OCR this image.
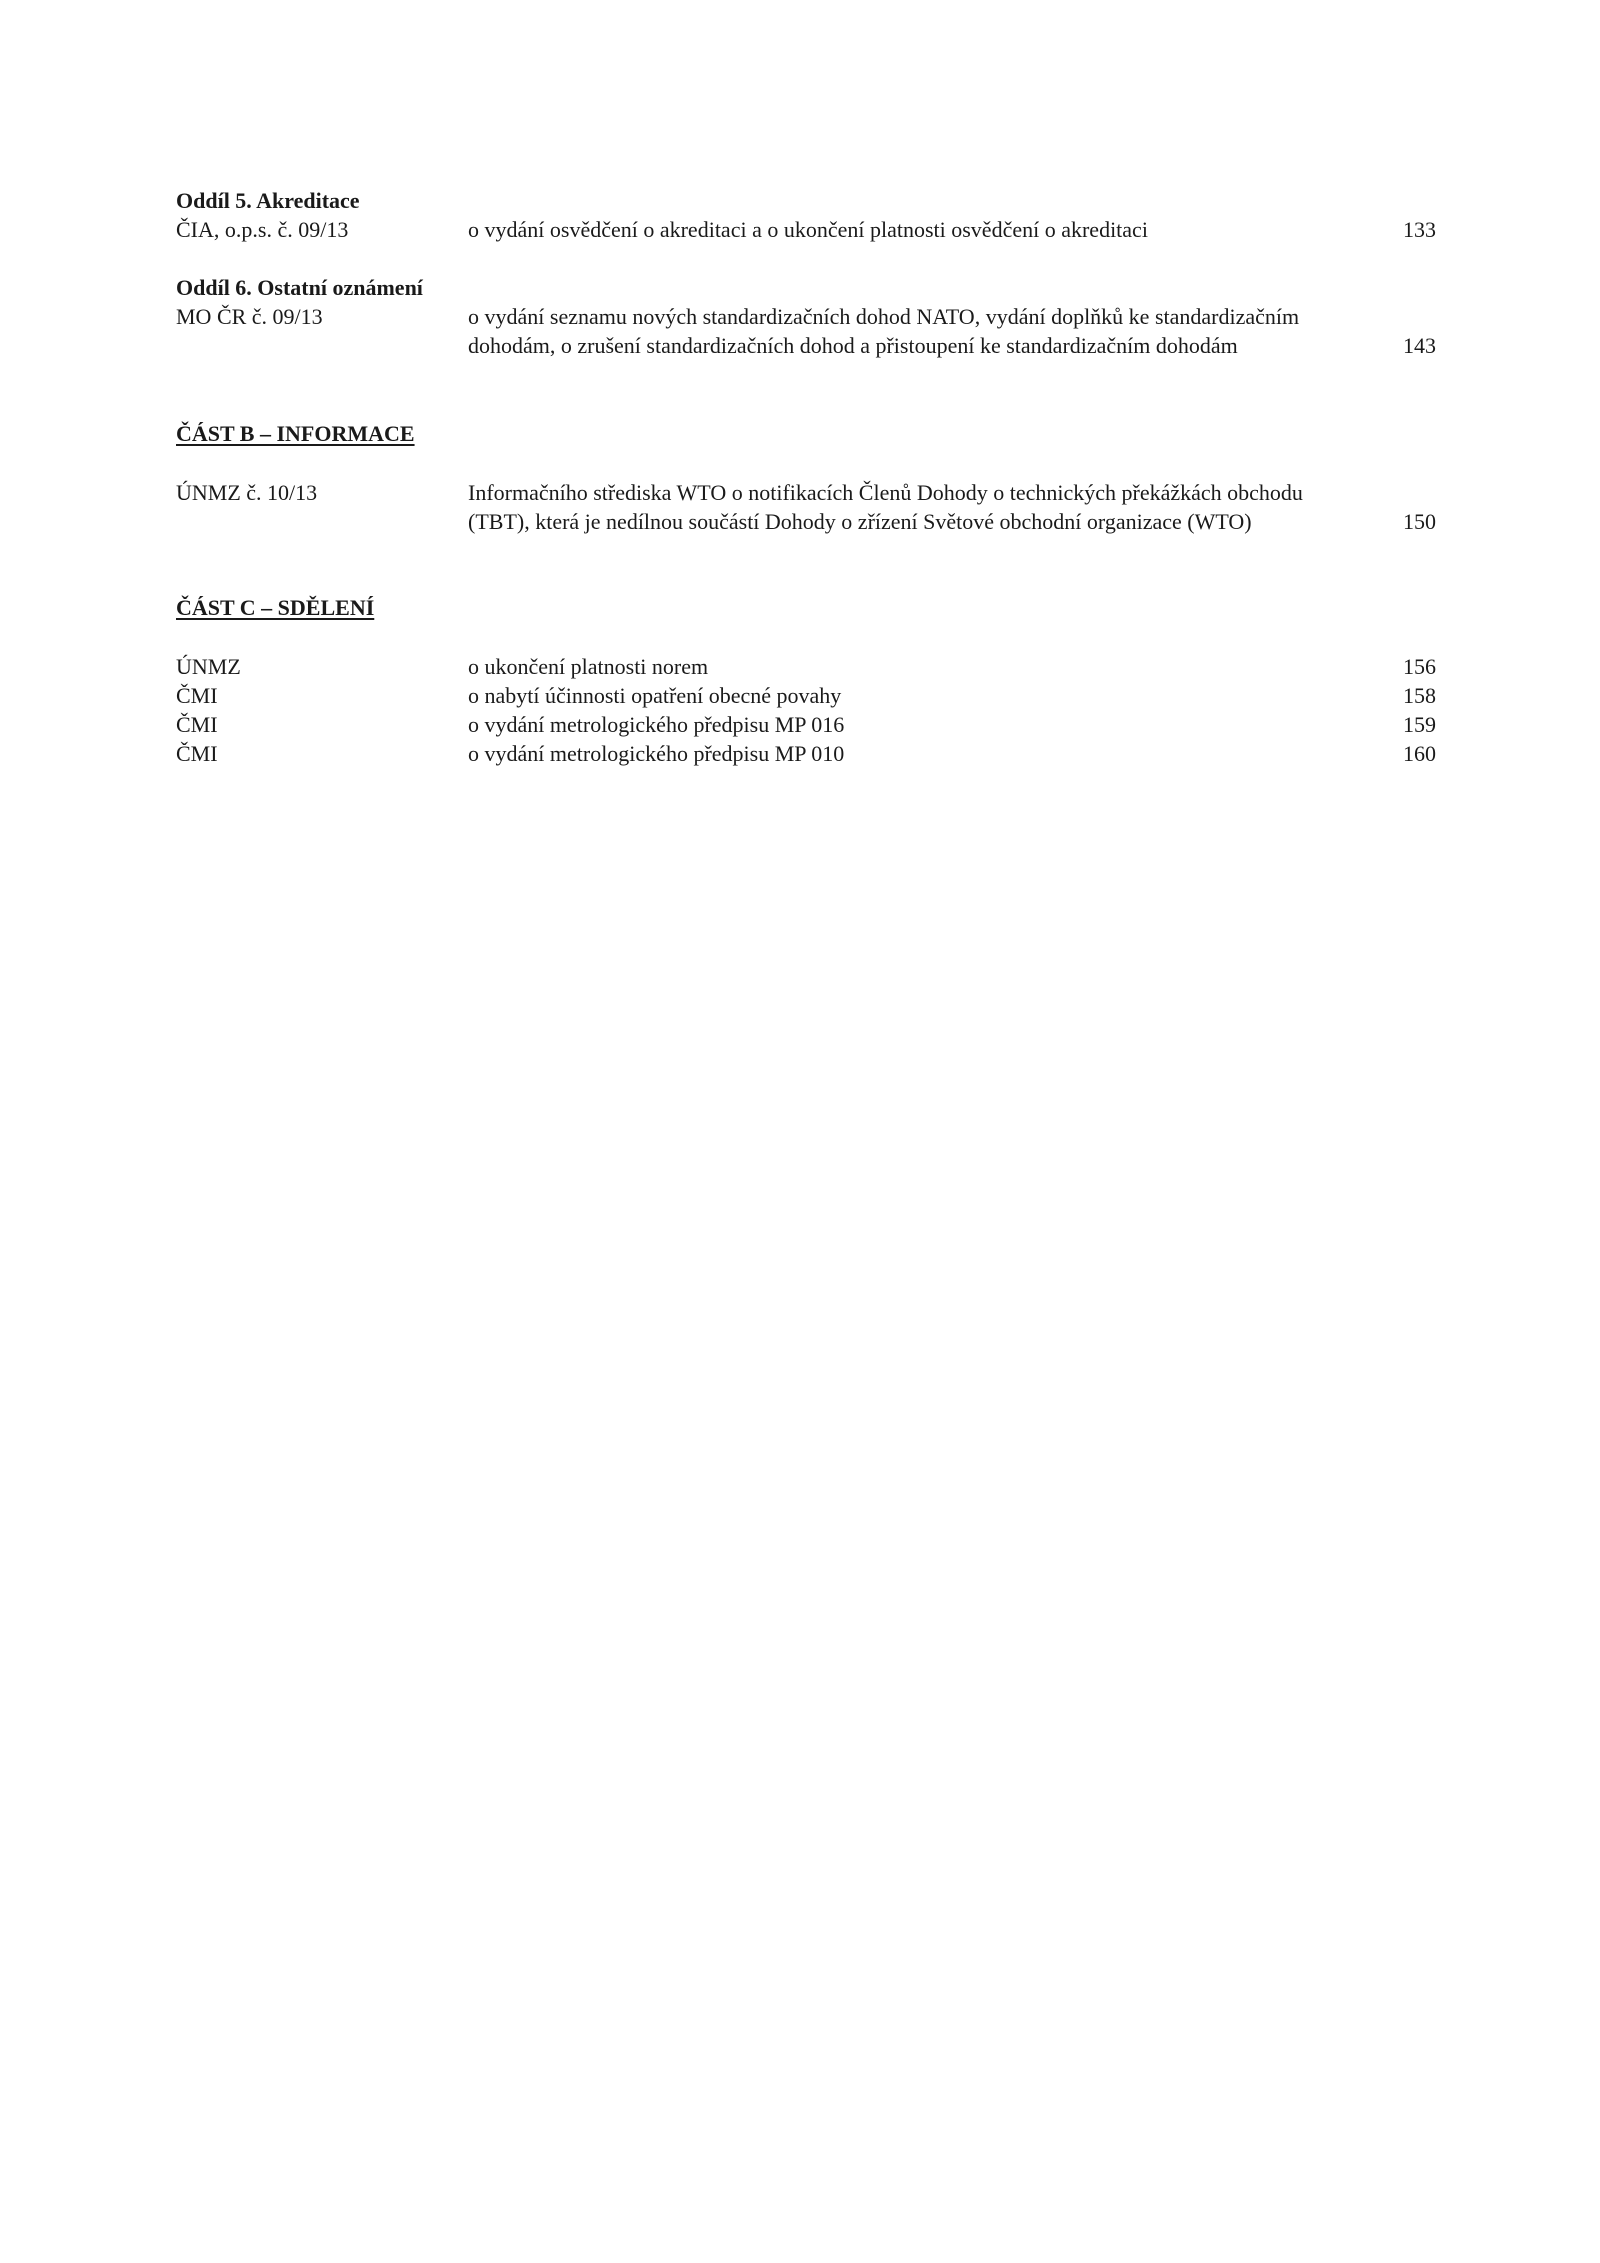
Oddíl 5. Akreditace
ČIA, o.p.s. č. 09/13	o vydání osvědčení o akreditaci a o ukončení platnosti osvědčení o akreditaci	133
Oddíl 6. Ostatní oznámení
MO ČR č. 09/13	o vydání seznamu nových standardizačních dohod NATO, vydání doplňků ke standardizačním
dohodám, o zrušení standardizačních dohod a přistoupení ke standardizačním dohodám	143
ČÁST B – INFORMACE
ÚNMZ č. 10/13	Informačního střediska WTO o notifikacích Členů Dohody o technických překážkách obchodu
(TBT), která je nedílnou součástí Dohody o zřízení Světové obchodní organizace (WTO)	150
ČÁST C – SDĚLENÍ
ÚNMZ	o ukončení platnosti norem	156
ČMI	o nabytí účinnosti opatření obecné povahy	158
ČMI	o vydání metrologického předpisu MP 016	159
ČMI	o vydání metrologického předpisu MP 010	160
